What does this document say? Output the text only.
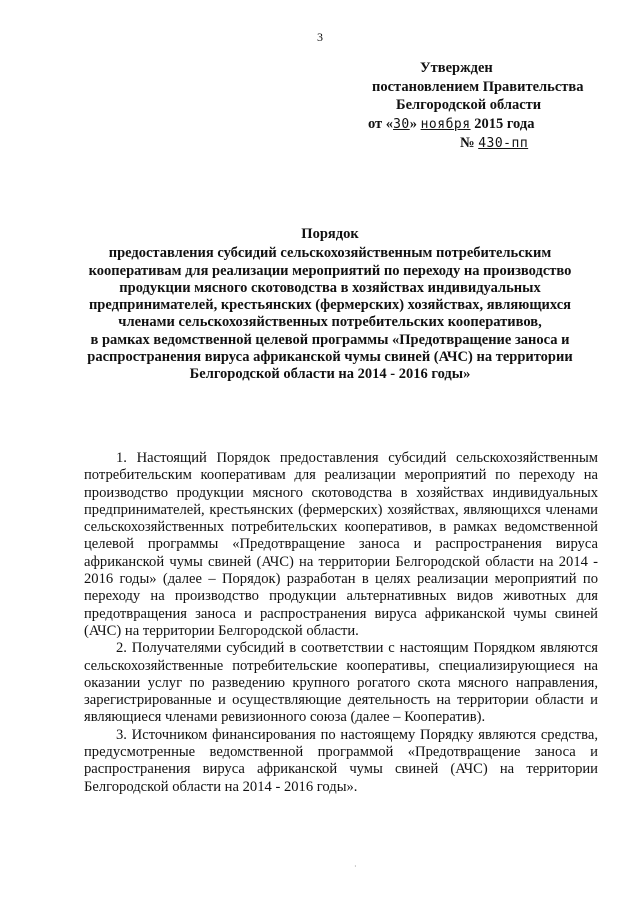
3
Утвержден
постановлением Правительства
Белгородской области
от «30» ноября 2015 года
№ 430-пп
Порядок
предоставления субсидий сельскохозяйственным потребительским
кооперативам для реализации мероприятий по переходу на производство
продукции мясного скотоводства в хозяйствах индивидуальных
предпринимателей, крестьянских (фермерских) хозяйствах, являющихся
членами сельскохозяйственных потребительских кооперативов,
в рамках ведомственной целевой программы «Предотвращение заноса и
распространения вируса африканской чумы свиней (АЧС) на территории
Белгородской области на 2014 - 2016 годы»

1. Настоящий Порядок предоставления субсидий сельскохозяйственным потребительским кооперативам для реализации мероприятий по переходу на производство продукции мясного скотоводства в хозяйствах индивидуальных предпринимателей, крестьянских (фермерских) хозяйствах, являющихся членами сельскохозяйственных потребительских кооперативов, в рамках ведомственной целевой программы «Предотвращение заноса и распространения вируса африканской чумы свиней (АЧС) на территории Белгородской области на 2014 - 2016 годы» (далее – Порядок) разработан в целях реализации мероприятий по переходу на производство продукции альтернативных видов животных для предотвращения заноса и распространения вируса африканской чумы свиней (АЧС) на территории Белгородской области.

2. Получателями субсидий в соответствии с настоящим Порядком являются сельскохозяйственные потребительские кооперативы, специализирующиеся на оказании услуг по разведению крупного рогатого скота мясного направления, зарегистрированные и осуществляющие деятельность на территории области и являющиеся членами ревизионного союза (далее – Кооператив).

3. Источником финансирования по настоящему Порядку являются средства, предусмотренные ведомственной программой «Предотвращение заноса и распространения вируса африканской чумы свиней (АЧС) на территории Белгородской области на 2014 - 2016 годы».

·
